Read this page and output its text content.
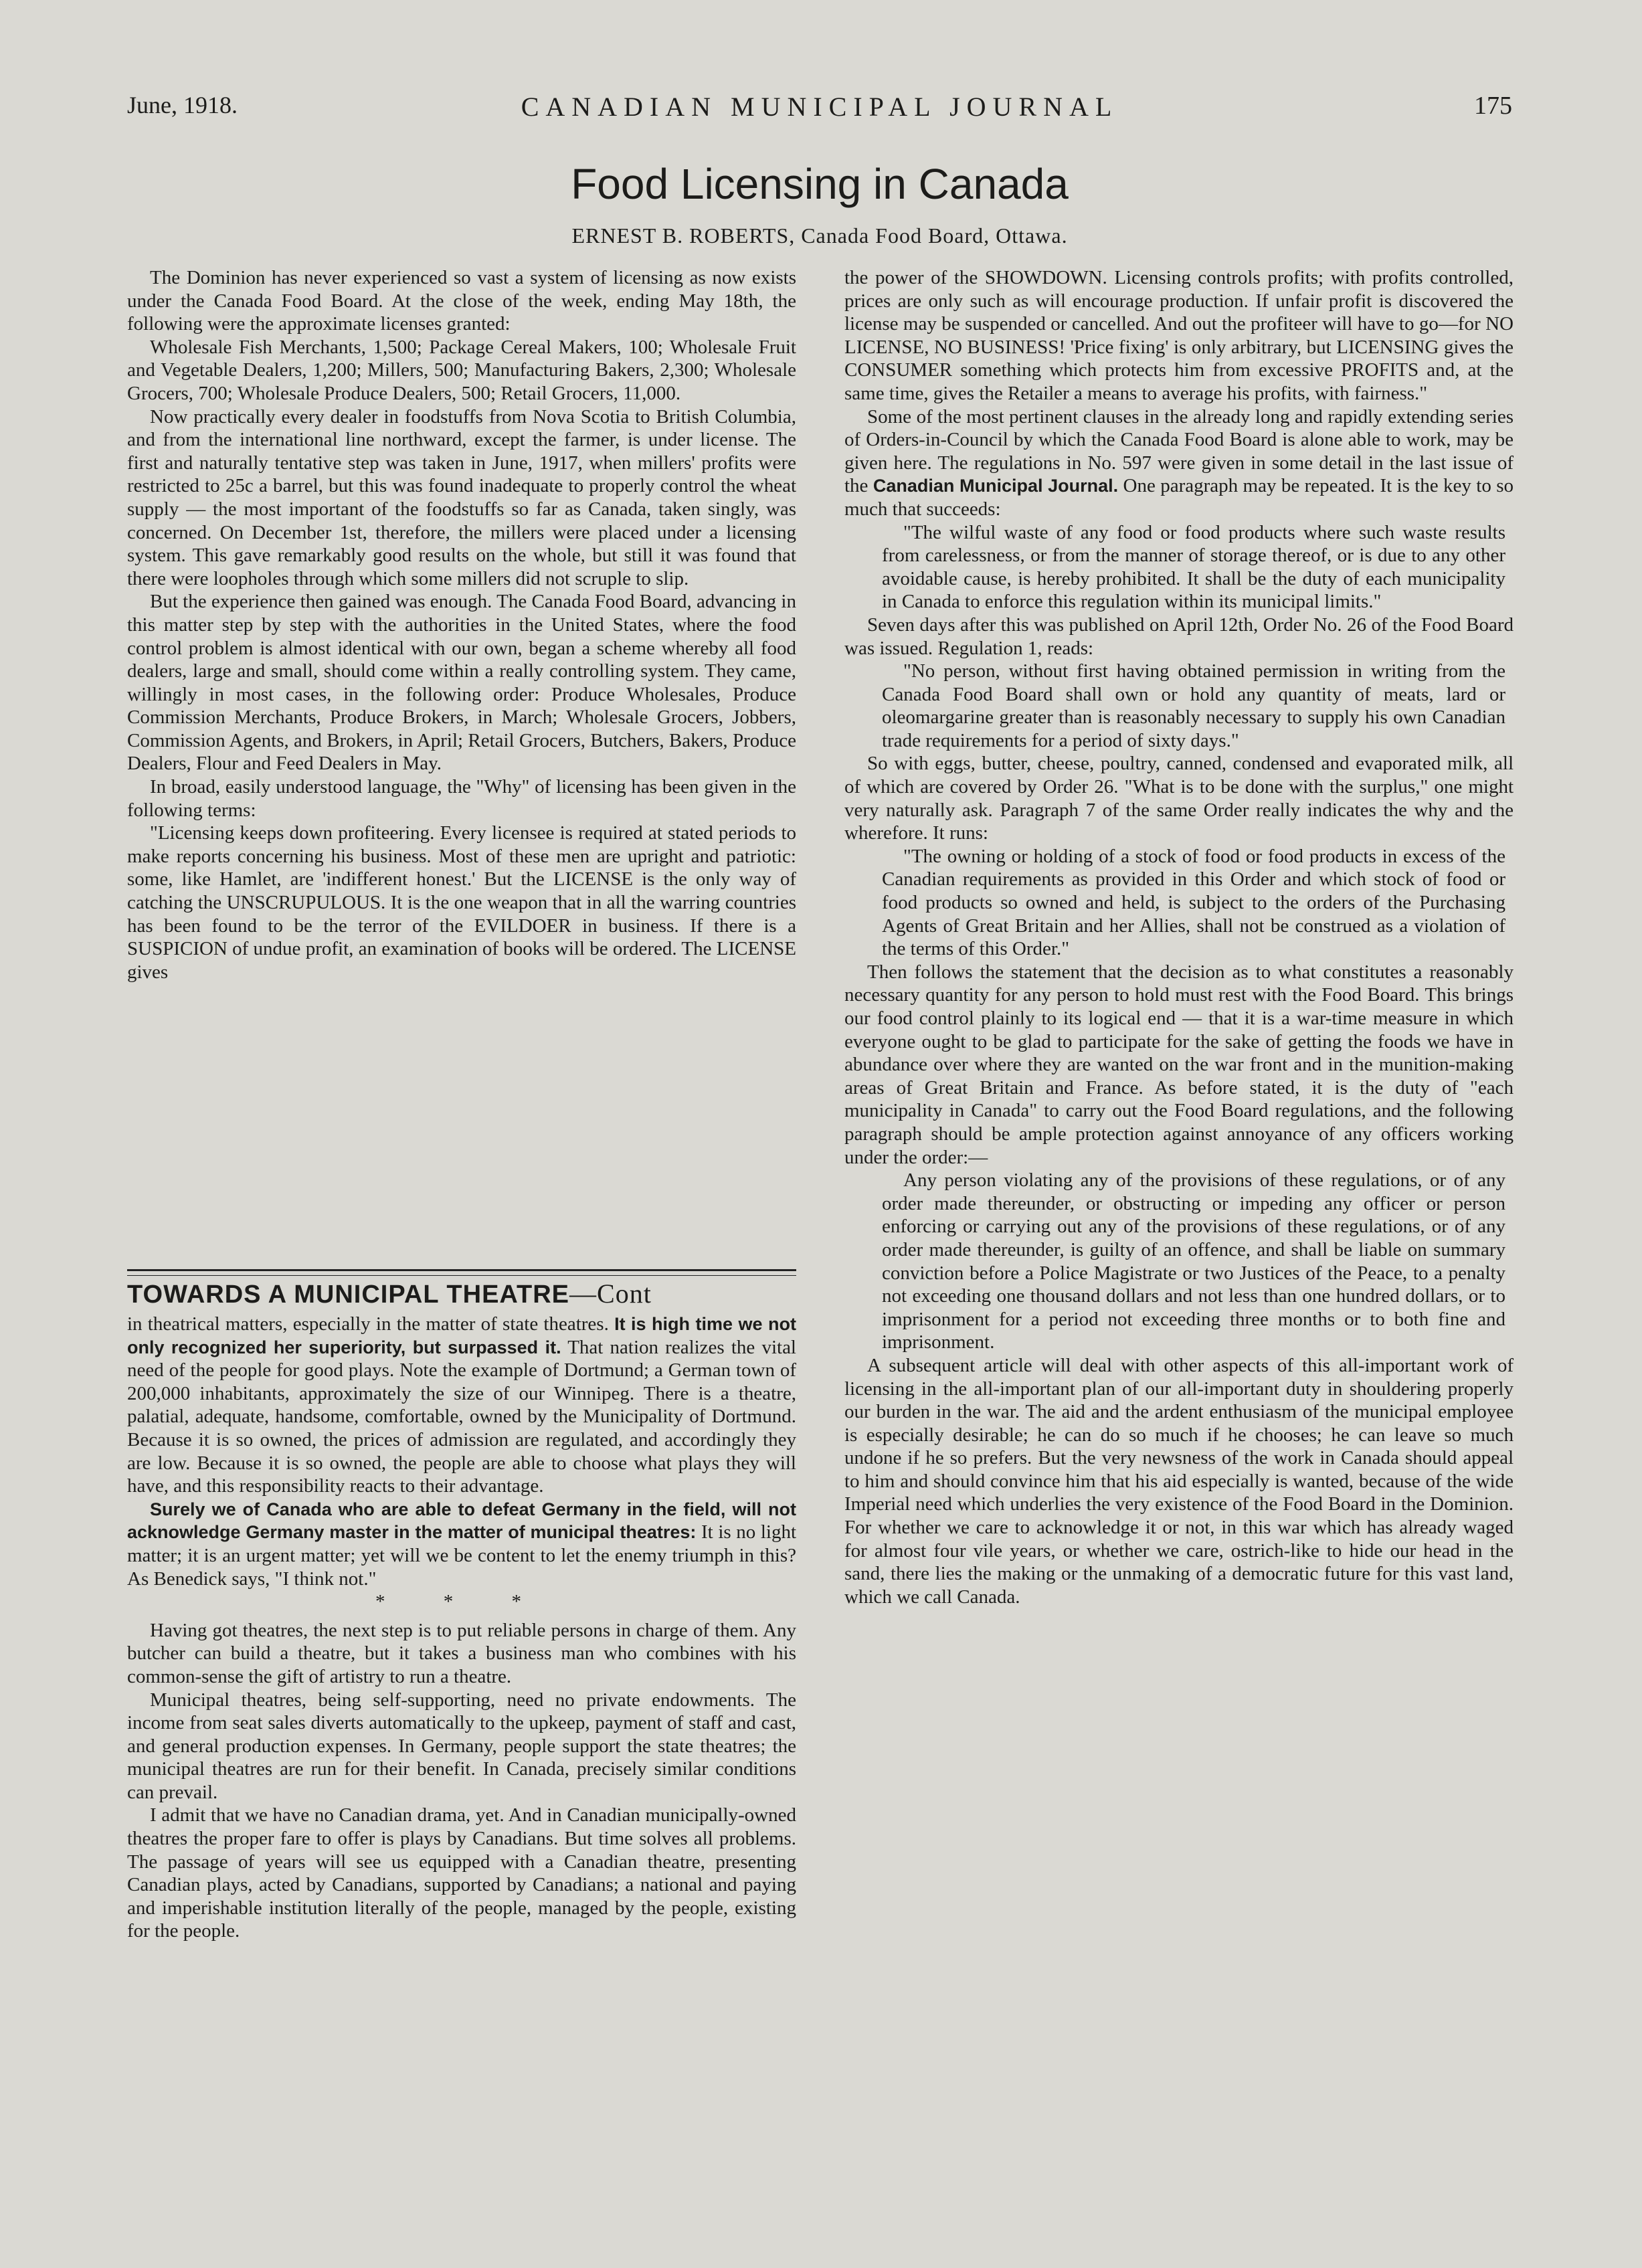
June, 1918.	CANADIAN MUNICIPAL JOURNAL	175
Food Licensing in Canada
ERNEST B. ROBERTS, Canada Food Board, Ottawa.

The Dominion has never experienced so vast a system of licensing as now exists under the Canada Food Board. At the close of the week, ending May 18th, the following were the approximate licenses granted:

Wholesale Fish Merchants, 1,500; Package Cereal Makers, 100; Wholesale Fruit and Vegetable Dealers, 1,200; Millers, 500; Manufacturing Bakers, 2,300; Wholesale Grocers, 700; Wholesale Produce Dealers, 500; Retail Grocers, 11,000.

Now practically every dealer in foodstuffs from Nova Scotia to British Columbia, and from the international line northward, except the farmer, is under license. The first and naturally tentative step was taken in June, 1917, when millers' profits were restricted to 25c a barrel, but this was found inadequate to properly control the wheat supply — the most important of the foodstuffs so far as Canada, taken singly, was concerned. On December 1st, therefore, the millers were placed under a licensing system. This gave remarkably good results on the whole, but still it was found that there were loopholes through which some millers did not scruple to slip.

But the experience then gained was enough. The Canada Food Board, advancing in this matter step by step with the authorities in the United States, where the food control problem is almost identical with our own, began a scheme whereby all food dealers, large and small, should come within a really controlling system. They came, willingly in most cases, in the following order: Produce Wholesales, Produce Commission Merchants, Produce Brokers, in March; Wholesale Grocers, Jobbers, Commission Agents, and Brokers, in April; Retail Grocers, Butchers, Bakers, Produce Dealers, Flour and Feed Dealers in May.

In broad, easily understood language, the "Why" of licensing has been given in the following terms:

"Licensing keeps down profiteering. Every licensee is required at stated periods to make reports concerning his business. Most of these men are upright and patriotic: some, like Hamlet, are 'indifferent honest.' But the LICENSE is the only way of catching the UNSCRUPULOUS. It is the one weapon that in all the warring countries has been found to be the terror of the EVILDOER in business. If there is a SUSPICION of undue profit, an examination of books will be ordered. The LICENSE gives

TOWARDS A MUNICIPAL THEATRE—Cont

in theatrical matters, especially in the matter of state theatres. It is high time we not only recognized her superiority, but surpassed it. That nation realizes the vital need of the people for good plays. Note the example of Dortmund; a German town of 200,000 inhabitants, approximately the size of our Winnipeg. There is a theatre, palatial, adequate, handsome, comfortable, owned by the Municipality of Dortmund. Because it is so owned, the prices of admission are regulated, and accordingly they are low. Because it is so owned, the people are able to choose what plays they will have, and this responsibility reacts to their advantage.

Surely we of Canada who are able to defeat Germany in the field, will not acknowledge Germany master in the matter of municipal theatres: It is no light matter; it is an urgent matter; yet will we be content to let the enemy triumph in this? As Benedick says, "I think not."

* * *

Having got theatres, the next step is to put reliable persons in charge of them. Any butcher can build a theatre, but it takes a business man who combines with his common-sense the gift of artistry to run a theatre.

Municipal theatres, being self-supporting, need no private endowments. The income from seat sales diverts automatically to the upkeep, payment of staff and cast, and general production expenses. In Germany, people support the state theatres; the municipal theatres are run for their benefit. In Canada, precisely similar conditions can prevail.

I admit that we have no Canadian drama, yet. And in Canadian municipally-owned theatres the proper fare to offer is plays by Canadians. But time solves all problems. The passage of years will see us equipped with a Canadian theatre, presenting Canadian plays, acted by Canadians, supported by Canadians; a national and paying and imperishable institution literally of the people, managed by the people, existing for the people.

the power of the SHOWDOWN. Licensing controls profits; with profits controlled, prices are only such as will encourage production. If unfair profit is discovered the license may be suspended or cancelled. And out the profiteer will have to go—for NO LICENSE, NO BUSINESS! 'Price fixing' is only arbitrary, but LICENSING gives the CONSUMER something which protects him from excessive PROFITS and, at the same time, gives the Retailer a means to average his profits, with fairness."

Some of the most pertinent clauses in the already long and rapidly extending series of Orders-in-Council by which the Canada Food Board is alone able to work, may be given here. The regulations in No. 597 were given in some detail in the last issue of the Canadian Municipal Journal. One paragraph may be repeated. It is the key to so much that succeeds:

"The wilful waste of any food or food products where such waste results from carelessness, or from the manner of storage thereof, or is due to any other avoidable cause, is hereby prohibited. It shall be the duty of each municipality in Canada to enforce this regulation within its municipal limits."

Seven days after this was published on April 12th, Order No. 26 of the Food Board was issued. Regulation 1, reads:

"No person, without first having obtained permission in writing from the Canada Food Board shall own or hold any quantity of meats, lard or oleomargarine greater than is reasonably necessary to supply his own Canadian trade requirements for a period of sixty days."

So with eggs, butter, cheese, poultry, canned, condensed and evaporated milk, all of which are covered by Order 26. "What is to be done with the surplus," one might very naturally ask. Paragraph 7 of the same Order really indicates the why and the wherefore. It runs:

"The owning or holding of a stock of food or food products in excess of the Canadian requirements as provided in this Order and which stock of food or food products so owned and held, is subject to the orders of the Purchasing Agents of Great Britain and her Allies, shall not be construed as a violation of the terms of this Order."

Then follows the statement that the decision as to what constitutes a reasonably necessary quantity for any person to hold must rest with the Food Board. This brings our food control plainly to its logical end — that it is a war-time measure in which everyone ought to be glad to participate for the sake of getting the foods we have in abundance over where they are wanted on the war front and in the munition-making areas of Great Britain and France. As before stated, it is the duty of "each municipality in Canada" to carry out the Food Board regulations, and the following paragraph should be ample protection against annoyance of any officers working under the order:—

Any person violating any of the provisions of these regulations, or of any order made thereunder, or obstructing or impeding any officer or person enforcing or carrying out any of the provisions of these regulations, or of any order made thereunder, is guilty of an offence, and shall be liable on summary conviction before a Police Magistrate or two Justices of the Peace, to a penalty not exceeding one thousand dollars and not less than one hundred dollars, or to imprisonment for a period not exceeding three months or to both fine and imprisonment.

A subsequent article will deal with other aspects of this all-important work of licensing in the all-important plan of our all-important duty in shouldering properly our burden in the war. The aid and the ardent enthusiasm of the municipal employee is especially desirable; he can do so much if he chooses; he can leave so much undone if he so prefers. But the very newsness of the work in Canada should appeal to him and should convince him that his aid especially is wanted, because of the wide Imperial need which underlies the very existence of the Food Board in the Dominion. For whether we care to acknowledge it or not, in this war which has already waged for almost four vile years, or whether we care, ostrich-like to hide our head in the sand, there lies the making or the unmaking of a democratic future for this vast land, which we call Canada.
